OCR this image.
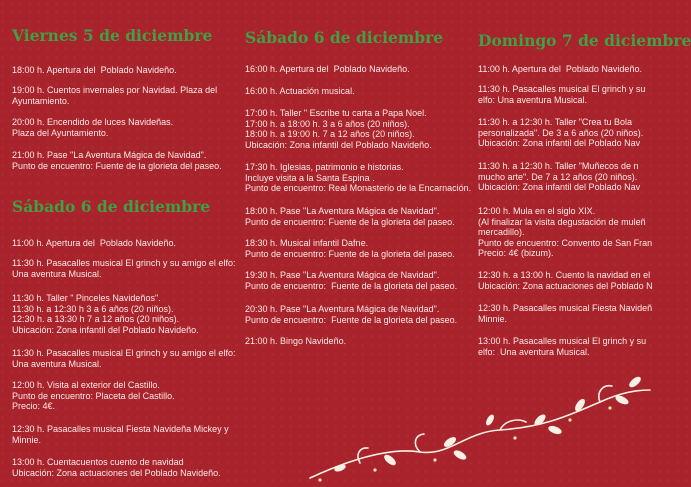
Viernes 5 de diciembre

18:00 h. Apertura del  Poblado Navideño.

19:00 h. Cuentos invernales por Navidad. Plaza del
Ayuntamiento.

20:00 h. Encendido de luces Navideñas.
Plaza del Ayuntamiento.

21:00 h. Pase "La Aventura Mágica de Navidad".
Punto de encuentro: Fuente de la glorieta del paseo.

Sábado 6 de diciembre

11:00 h. Apertura del  Poblado Navideño.

11:30 h. Pasacalles musical El grinch y su amigo el elfo:
Una aventura Musical.

11:30 h. Taller " Pinceles Navideños".
11:30 h. a 12:30 h 3 a 6 años (20 niños).
12:30 h. a 13:30 h 7 a 12 años (20 niños).
Ubicación: Zona infantil del Poblado Navideño.

11:30 h. Pasacalles musical El grinch y su amigo el elfo:
Una aventura Musical.

12:00 h. Visita al exterior del Castillo.
Punto de encuentro: Placeta del Castillo.
Precio: 4€.

12:30 h. Pasacalles musical Fiesta Navideña Mickey y
Minnie.

13:00 h. Cuentacuentos cuento de navidad
Ubicación: Zona actuaciones del Poblado Navideño.

Sábado 6 de diciembre

16:00 h. Apertura del  Poblado Navideño.

16:00 h. Actuación musical.

17:00 h. Taller " Escribe tu carta a Papa Noel.
17:00 h. a 18:00 h. 3 a 6 años (20 niños).
18:00 h. a 19:00 h. 7 a 12 años (20 niños).
Ubicación: Zona infantil del Poblado Navideño.

17:30 h. Iglesias, patrimonio e historias.
Incluye visita a la Santa Espina .
Punto de encuentro: Real Monasterio de la Encarnación.

18:00 h. Pase "La Aventura Mágica de Navidad".
Punto de encuentro: Fuente de la glorieta del paseo.

18:30 h. Musical infantil Dafne.
Punto de encuentro: Fuente de la glorieta del paseo.

19:30 h. Pase "La Aventura Mágica de Navidad".
Punto de encuentro:  Fuente de la glorieta del paseo.

20:30 h. Pase "La Aventura Mágica de Navidad".
Punto de encuentro:  Fuente de la glorieta del paseo.

21:00 h. Bingo Navideño.

Domingo 7 de diciembre

11:00 h. Apertura del  Poblado Navideño.

11:30 h. Pasacalles musical El grinch y su
elfo: Una aventura Musical.

11:30 h. a 12:30 h. Taller "Crea tu Bola
personalizada". De 3 a 6 años (20 niños).
Ubicación: Zona infantil del Poblado Nav

11:30 h. a 12:30 h. Taller "Muñecos de n
mucho arte". De 7 a 12 años (20 niños).
Ubicación: Zona infantil del Poblado Nav

12:00 h. Mula en el siglo XIX.
(Al finalizar la visita degustación de muleñ
mercadillo).
Punto de encuentro: Convento de San Fran
Precio: 4€ (bizum).

12:30 h. a 13:00 h. Cuento la navidad en el
Ubicación: Zona actuaciones del Poblado N

12:30 h. Pasacalles musical Fiesta Navideñ
Minnie.

13:00 h. Pasacalles musical El grinch y su
elfo:  Una aventura Musical.
